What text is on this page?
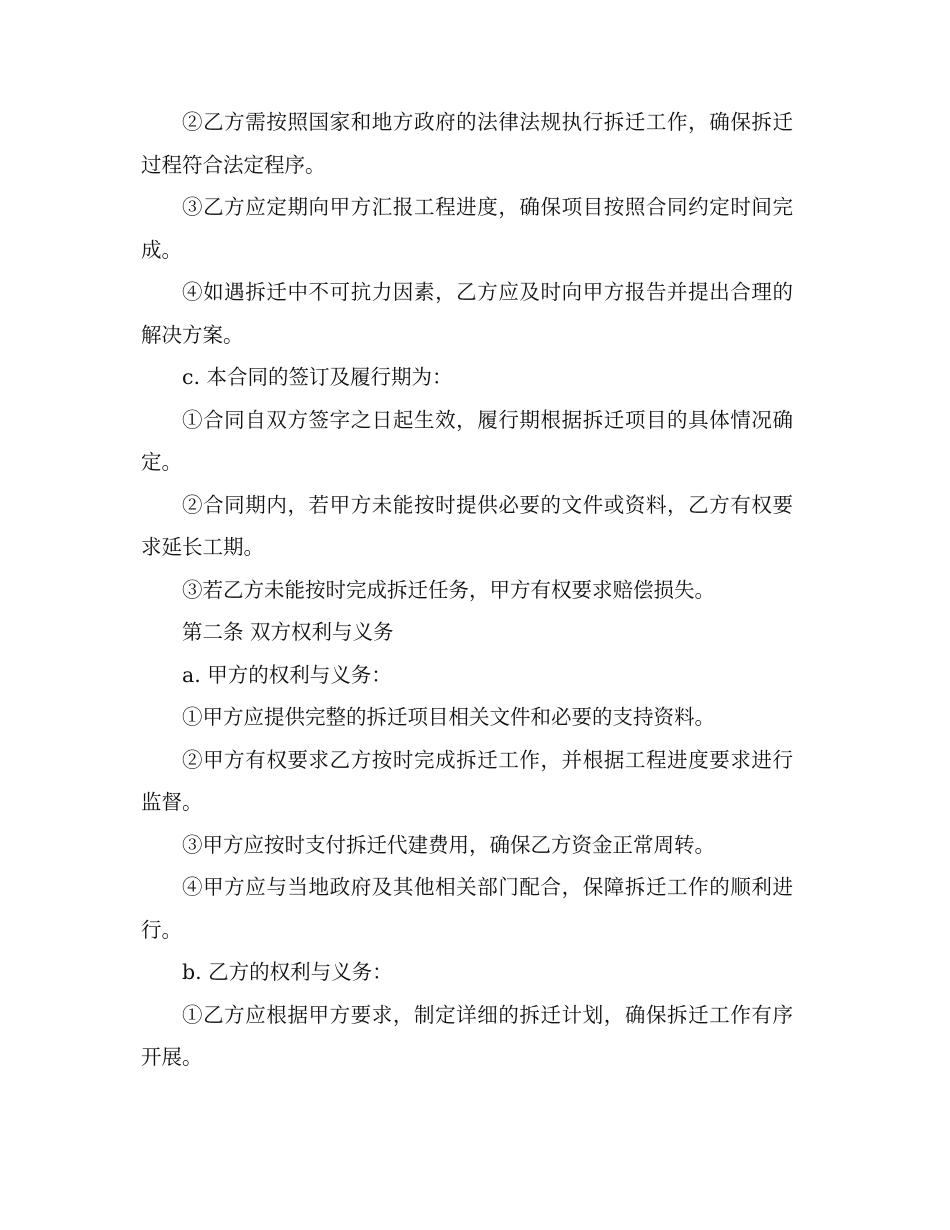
②乙方需按照国家和地方政府的法律法规执行拆迁工作，确保拆迁过程符合法定程序。

③乙方应定期向甲方汇报工程进度，确保项目按照合同约定时间完成。

④如遇拆迁中不可抗力因素，乙方应及时向甲方报告并提出合理的解决方案。

c. 本合同的签订及履行期为：

①合同自双方签字之日起生效，履行期根据拆迁项目的具体情况确定。

②合同期内，若甲方未能按时提供必要的文件或资料，乙方有权要求延长工期。

③若乙方未能按时完成拆迁任务，甲方有权要求赔偿损失。

第二条 双方权利与义务

a. 甲方的权利与义务：

①甲方应提供完整的拆迁项目相关文件和必要的支持资料。

②甲方有权要求乙方按时完成拆迁工作，并根据工程进度要求进行监督。

③甲方应按时支付拆迁代建费用，确保乙方资金正常周转。

④甲方应与当地政府及其他相关部门配合，保障拆迁工作的顺利进行。

b. 乙方的权利与义务：

①乙方应根据甲方要求，制定详细的拆迁计划，确保拆迁工作有序开展。
